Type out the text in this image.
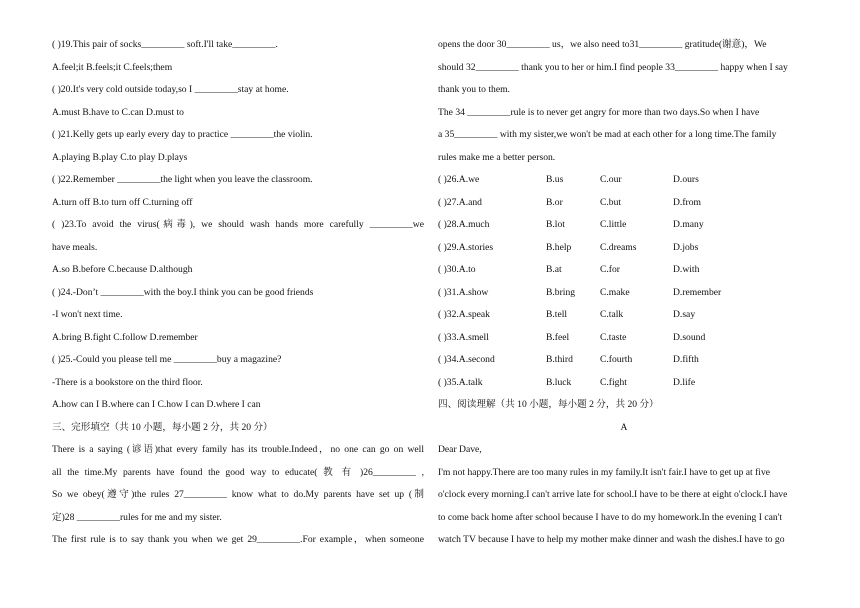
( )19.This pair of socks_________ soft.I'll take_________.
A.feel;it B.feels;it C.feels;them
( )20.It's very cold outside today,so I _________stay at home.
A.must B.have to C.can D.must to
( )21.Kelly gets up early every day to practice _________the violin.
A.playing B.play C.to play D.plays
( )22.Remember _________the light when you leave the classroom.
A.turn off B.to turn off C.turning off
( )23.To avoid the virus(病毒), we should wash hands more carefully _________we
have meals.
A.so B.before C.because D.although
( )24.-Don’t _________with the boy.I think you can be good friends
-I won't next time.
A.bring B.fight C.follow D.remember
( )25.-Could you please tell me _________buy a magazine?
-There is a bookstore on the third floor.
A.how can I B.where can I C.how I can D.where I can
三、完形填空（共 10 小题，每小题 2 分，共 20 分）
There is a saying (谚语)that every family has its trouble.Indeed，no one can go on well
all the time.My parents have found the good way to educate( 教 有 )26_________ ,
So we obey(遵守)the rules 27_________ know what to do.My parents have set up (制
定)28 _________rules for me and my sister.
The first rule is to say thank you when we get 29_________.For example，when someone
opens the door 30_________ us，we also need to31_________ gratitude(谢意)，We
should 32_________ thank you to her or him.I find people 33_________ happy when I say
thank you to them.
The 34 _________rule is to never get angry for more than two days.So when I have
a 35_________ with my sister,we won't be mad at each other for a long time.The family
rules make me a better person.
四、阅读理解（共 10 小题，每小题 2 分，共 20 分）
Dear Dave,
I'm not happy.There are too many rules in my family.It isn't fair.I have to get up at five
o'clock every morning.I can't arrive late for school.I have to be there at eight o'clock.I have
to come back home after school because I have to do my homework.In the evening I can't
watch TV because I have to help my mother make dinner and wash the dishes.I have to go
A
( )26.A.we	B.us	C.our	D.ours
( )27.A.and	B.or	C.but	D.from
( )28.A.much	B.lot	C.little	D.many
( )29.A.stories	B.help	C.dreams	D.jobs
( )30.A.to	B.at	C.for	D.with
( )31.A.show	B.bring	C.make	D.remember
( )32.A.speak	B.tell	C.talk	D.say
( )33.A.smell	B.feel	C.taste	D.sound
( )34.A.second	B.third	C.fourth	D.fifth
( )35.A.talk	B.luck	C.fight	D.life
